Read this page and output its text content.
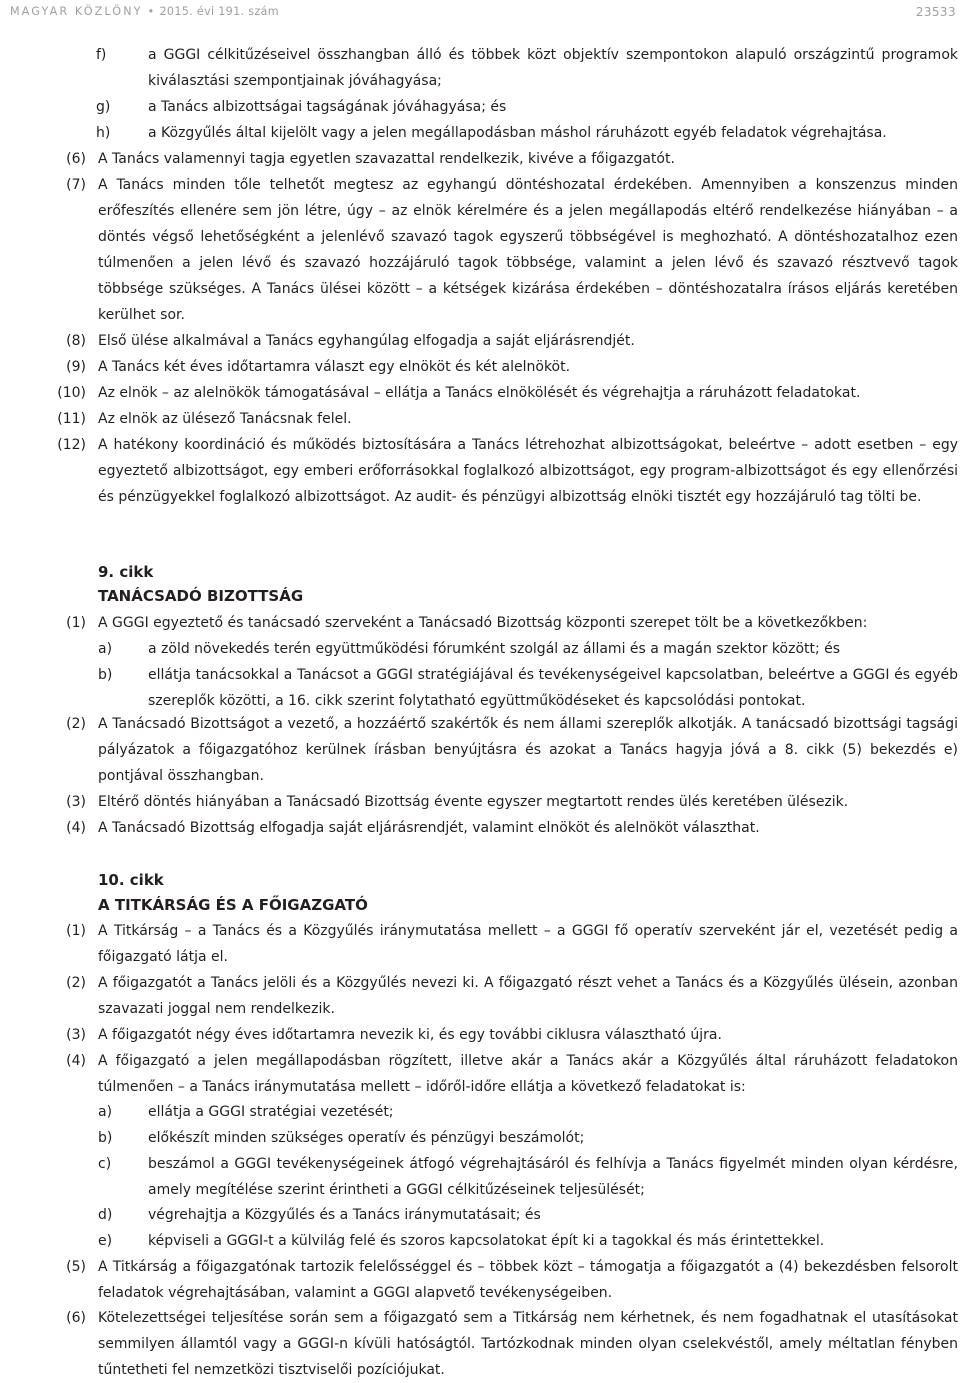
MAGYAR KÖZLÖNY • 2015. évi 191. szám	23533
f)	a GGGI célkitűzéseivel összhangban álló és többek közt objektív szempontokon alapuló országzintű programok kiválasztási szempontjainak jóváhagyása;
g)	a Tanács albizottságai tagságának jóváhagyása; és
h)	a Közgyűlés által kijelölt vagy a jelen megállapodásban máshol ráruházott egyéb feladatok végrehajtása.
(6) A Tanács valamennyi tagja egyetlen szavazattal rendelkezik, kivéve a főigazgatót.
(7) A Tanács minden tőle telhetőt megtesz az egyhangú döntéshozatal érdekében. Amennyiben a konszenzus minden erőfeszítés ellenére sem jön létre, úgy – az elnök kérelmére és a jelen megállapodás eltérő rendelkezése hiányában – a döntés végső lehetőségként a jelenlévő szavazó tagok egyszerű többségével is meghozható. A döntéshozatalhoz ezen túlmenően a jelen lévő és szavazó hozzájáruló tagok többsége, valamint a jelen lévő és szavazó résztvevő tagok többsége szükséges. A Tanács ülései között – a kétségek kizárása érdekében – döntéshozatalra írásos eljárás keretében kerülhet sor.
(8) Első ülése alkalmával a Tanács egyhangúlag elfogadja a saját eljárásrendjét.
(9) A Tanács két éves időtartamra választ egy elnököt és két alelnököt.
(10) Az elnök – az alelnökök támogatásával – ellátja a Tanács elnökölését és végrehajtja a ráruházott feladatokat.
(11) Az elnök az ülésező Tanácsnak felel.
(12) A hatékony koordináció és működés biztosítására a Tanács létrehozhat albizottságokat, beleértve – adott esetben – egy egyeztető albizottságot, egy emberi erőforrásokkal foglalkozó albizottságot, egy program-albizottságot és egy ellenőrzési és pénzügyekkel foglalkozó albizottságot. Az audit- és pénzügyi albizottság elnöki tisztét egy hozzájáruló tag tölti be.
9. cikk
TANÁCSADÓ BIZOTTSÁG
(1) A GGGI egyeztető és tanácsadó szerveként a Tanácsadó Bizottság központi szerepet tölt be a következőkben:
a)	a zöld növekedés terén együttműködési fórumként szolgál az állami és a magán szektor között; és
b)	ellátja tanácsokkal a Tanácsot a GGGI stratégiájával és tevékenységeivel kapcsolatban, beleértve a GGGI és egyéb szereplők közötti, a 16. cikk szerint folytatható együttműködéseket és kapcsolódási pontokat.
(2) A Tanácsadó Bizottságot a vezető, a hozzáértő szakértők és nem állami szereplők alkotják. A tanácsadó bizottsági tagsági pályázatok a főigazgatóhoz kerülnek írásban benyújtásra és azokat a Tanács hagyja jóvá a 8. cikk (5) bekezdés e) pontjával összhangban.
(3) Eltérő döntés hiányában a Tanácsadó Bizottság évente egyszer megtartott rendes ülés keretében ülésezik.
(4) A Tanácsadó Bizottság elfogadja saját eljárásrendjét, valamint elnököt és alelnököt választhat.
10. cikk
A TITKÁRSÁG ÉS A FŐIGAZGATÓ
(1) A Titkárság – a Tanács és a Közgyűlés iránymutatása mellett – a GGGI fő operatív szerveként jár el, vezetését pedig a főigazgató látja el.
(2) A főigazgatót a Tanács jelöli és a Közgyűlés nevezi ki. A főigazgató részt vehet a Tanács és a Közgyűlés ülésein, azonban szavazati joggal nem rendelkezik.
(3) A főigazgatót négy éves időtartamra nevezik ki, és egy további ciklusra választható újra.
(4) A főigazgató a jelen megállapodásban rögzített, illetve akár a Tanács akár a Közgyűlés által ráruházott feladatokon túlmenően – a Tanács iránymutatása mellett – időről-időre ellátja a következő feladatokat is:
a)	ellátja a GGGI stratégiai vezetését;
b)	előkészít minden szükséges operatív és pénzügyi beszámolót;
c)	beszámol a GGGI tevékenységeinek átfogó végrehajtásáról és felhívja a Tanács figyelmét minden olyan kérdésre, amely megítélése szerint érintheti a GGGI célkitűzéseinek teljesülését;
d)	végrehajtja a Közgyűlés és a Tanács iránymutatásait; és
e)	képviseli a GGGI-t a külvilág felé és szoros kapcsolatokat épít ki a tagokkal és más érintettekkel.
(5) A Titkárság a főigazgatónak tartozik felelősséggel és – többek közt – támogatja a főigazgatót a (4) bekezdésben felsorolt feladatok végrehajtásában, valamint a GGGI alapvető tevékenységeiben.
(6) Kötelezettségei teljesítése során sem a főigazgató sem a Titkárság nem kérhetnek, és nem fogadhatnak el utasításokat semmilyen államtól vagy a GGGI-n kívüli hatóságtól. Tartózkodnak minden olyan cselekvéstől, amely méltatlan fényben tűntetheti fel nemzetközi tisztviselői pozíciójukat.
